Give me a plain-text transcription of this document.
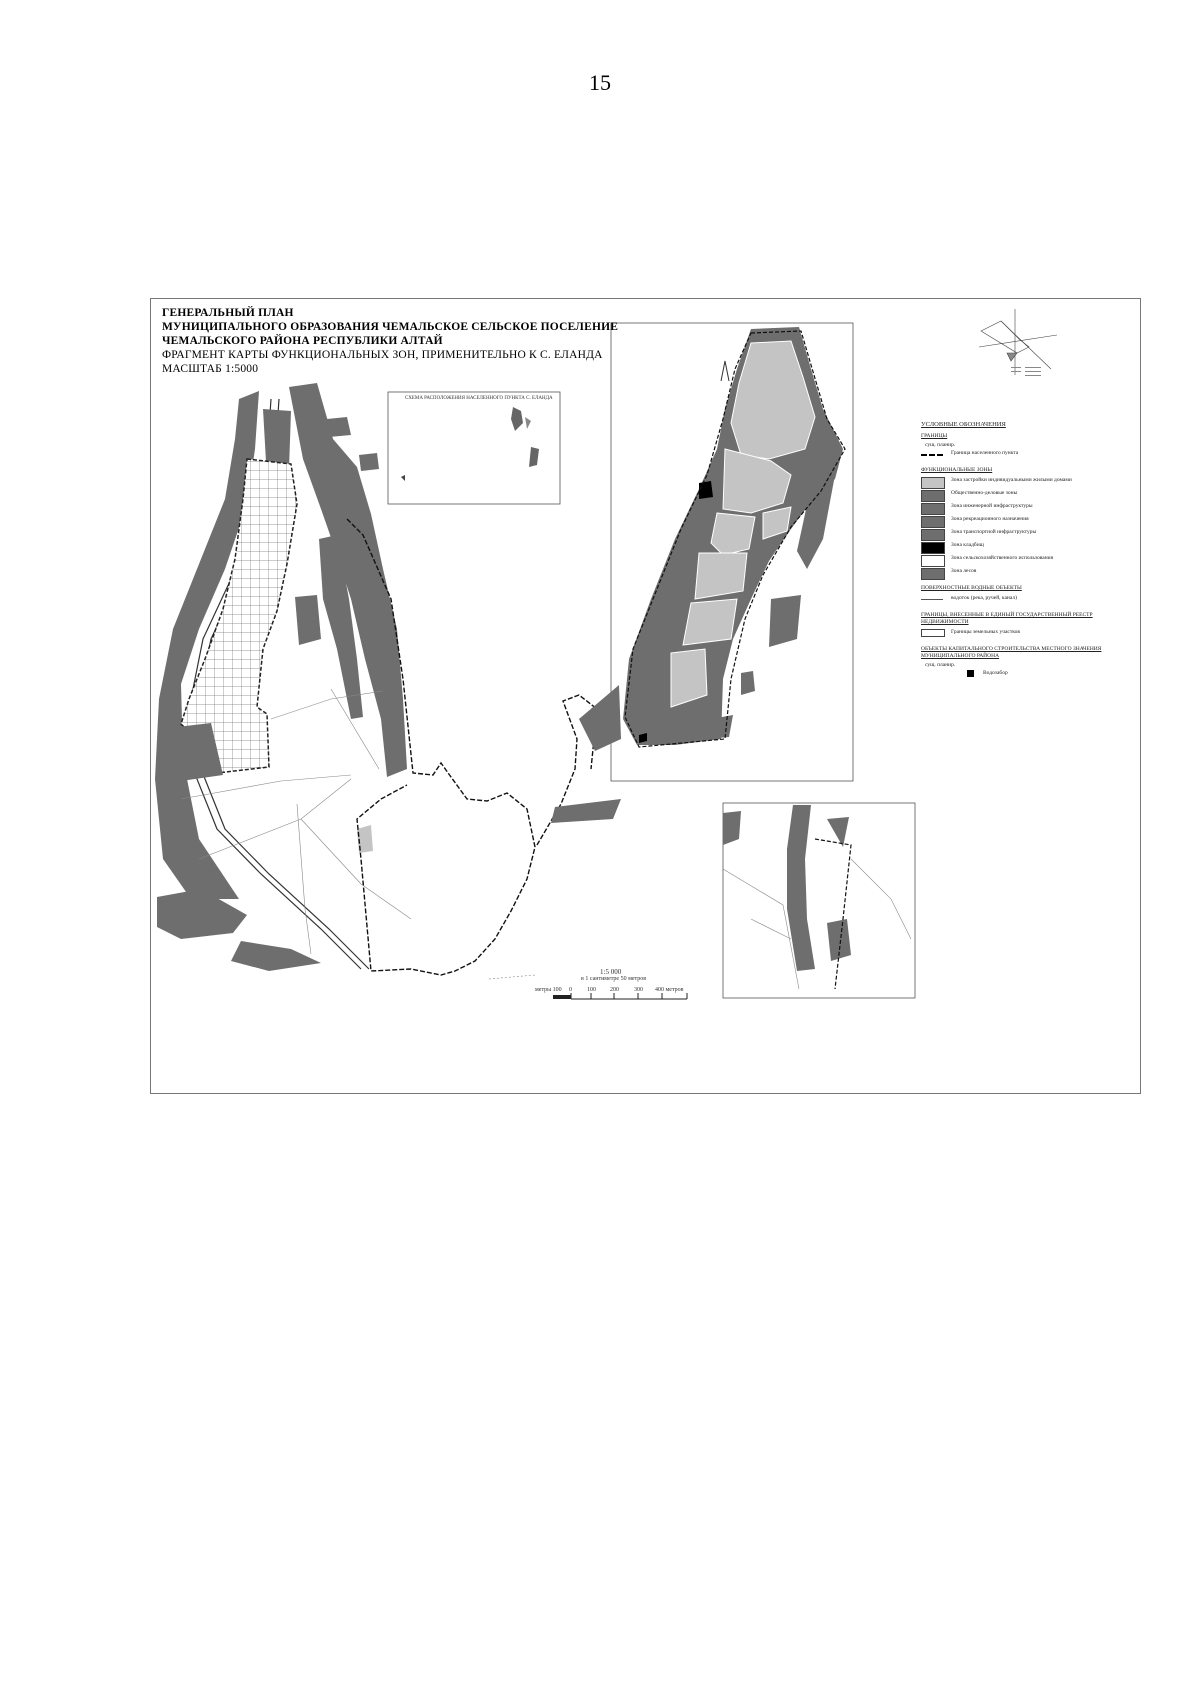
15
ГЕНЕРАЛЬНЫЙ ПЛАН
МУНИЦИПАЛЬНОГО ОБРАЗОВАНИЯ ЧЕМАЛЬСКОЕ СЕЛЬСКОЕ ПОСЕЛЕНИЕ
ЧЕМАЛЬСКОГО РАЙОНА РЕСПУБЛИКИ АЛТАЙ
ФРАГМЕНТ КАРТЫ ФУНКЦИОНАЛЬНЫХ ЗОН, ПРИМЕНИТЕЛЬНО К С. ЕЛАНДА
МАСШТАБ 1:5000
СХЕМА РАСПОЛОЖЕНИЯ НАСЕЛЕННОГО ПУНКТА С. ЕЛАНДА
УСЛОВНЫЕ ОБОЗНАЧЕНИЯ
ГРАНИЦЫ
сущ. планир.
Граница населенного пункта
ФУНКЦИОНАЛЬНЫЕ ЗОНЫ
Зона застройки индивидуальными жилыми домами
Общественно-деловые зоны
Зона инженерной инфраструктуры
Зона рекреационного назначения
Зона транспортной инфраструктуры
Зона кладбищ
Зона сельскохозяйственного использования
Зона лесов
ПОВЕРХНОСТНЫЕ ВОДНЫЕ ОБЪЕКТЫ
водоток (река, ручей, канал)
ГРАНИЦЫ, ВНЕСЕННЫЕ В ЕДИНЫЙ ГОСУДАРСТВЕННЫЙ РЕЕСТР НЕДВИЖИМОСТИ
Границы земельных участков
ОБЪЕКТЫ КАПИТАЛЬНОГО СТРОИТЕЛЬСТВА МЕСТНОГО ЗНАЧЕНИЯ МУНИЦИПАЛЬНОГО РАЙОНА
сущ. планир.
Водозабор
1:5 000
в 1 сантиметре 50 метров
метры 100 0	100 200	300 400 метров
